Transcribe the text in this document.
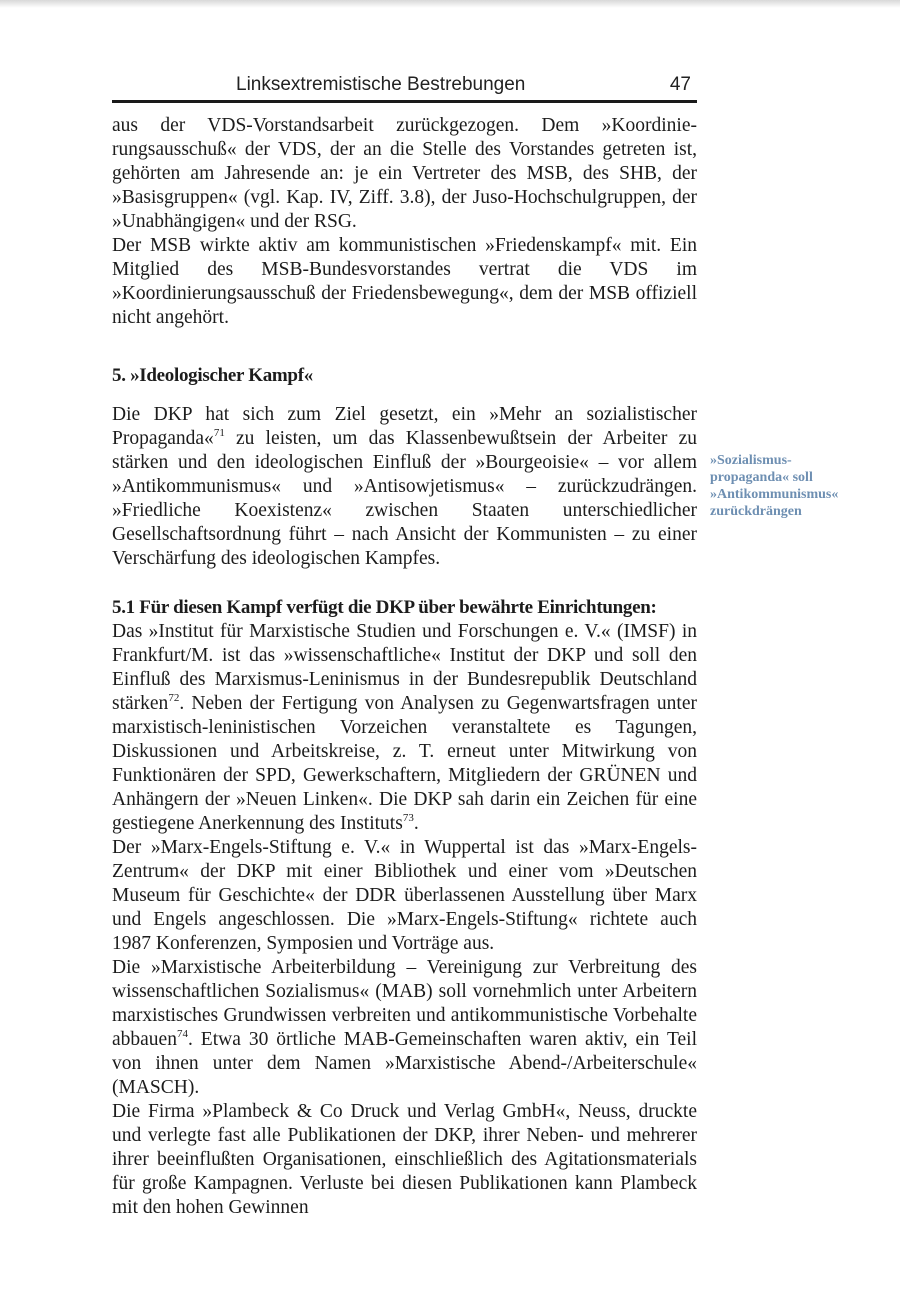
Linksextremistische Bestrebungen	47

aus der VDS-Vorstandsarbeit zurückgezogen. Dem »Koordinierungsausschuß« der VDS, der an die Stelle des Vorstandes getreten ist, gehörten am Jahresende an: je ein Vertreter des MSB, des SHB, der »Basisgruppen« (vgl. Kap. IV, Ziff. 3.8), der Juso-Hochschulgruppen, der »Unabhängigen« und der RSG.

Der MSB wirkte aktiv am kommunistischen »Friedenskampf« mit. Ein Mitglied des MSB-Bundesvorstandes vertrat die VDS im »Koordinierungsausschuß der Friedensbewegung«, dem der MSB offiziell nicht angehört.

5. »Ideologischer Kampf«

Die DKP hat sich zum Ziel gesetzt, ein »Mehr an sozialistischer Propaganda«$^{71}$ zu leisten, um das Klassenbewußtsein der Arbeiter zu stärken und den ideologischen Einfluß der »Bourgeoisie« – vor allem »Antikommunismus« und »Antisowjetismus« – zurückzudrängen. »Friedliche Koexistenz« zwischen Staaten unterschiedlicher Gesellschaftsordnung führt – nach Ansicht der Kommunisten – zu einer Verschärfung des ideologischen Kampfes.

»Sozialismus-
propaganda« soll
»Antikommunismus«
zurückdrängen
5.1 Für diesen Kampf verfügt die DKP über bewährte Einrichtungen:

Das »Institut für Marxistische Studien und Forschungen e. V.« (IMSF) in Frankfurt/M. ist das »wissenschaftliche« Institut der DKP und soll den Einfluß des Marxismus-Leninismus in der Bundesrepublik Deutschland stärken$^{72}$. Neben der Fertigung von Analysen zu Gegenwartsfragen unter marxistisch-leninistischen Vorzeichen veranstaltete es Tagungen, Diskussionen und Arbeitskreise, z. T. erneut unter Mitwirkung von Funktionären der SPD, Gewerkschaftern, Mitgliedern der GRÜNEN und Anhängern der »Neuen Linken«. Die DKP sah darin ein Zeichen für eine gestiegene Anerkennung des Instituts$^{73}$.

Der »Marx-Engels-Stiftung e. V.« in Wuppertal ist das »Marx-Engels-Zentrum« der DKP mit einer Bibliothek und einer vom »Deutschen Museum für Geschichte« der DDR überlassenen Ausstellung über Marx und Engels angeschlossen. Die »Marx-Engels-Stiftung« richtete auch 1987 Konferenzen, Symposien und Vorträge aus.

Die »Marxistische Arbeiterbildung – Vereinigung zur Verbreitung des wissenschaftlichen Sozialismus« (MAB) soll vornehmlich unter Arbeitern marxistisches Grundwissen verbreiten und antikommunistische Vorbehalte abbauen$^{74}$. Etwa 30 örtliche MAB-Gemeinschaften waren aktiv, ein Teil von ihnen unter dem Namen »Marxistische Abend-/Arbeiterschule« (MASCH).

Die Firma »Plambeck & Co Druck und Verlag GmbH«, Neuss, druckte und verlegte fast alle Publikationen der DKP, ihrer Neben- und mehrerer ihrer beeinflußten Organisationen, einschließlich des Agitationsmaterials für große Kampagnen. Verluste bei diesen Publikationen kann Plambeck mit den hohen Gewinnen
